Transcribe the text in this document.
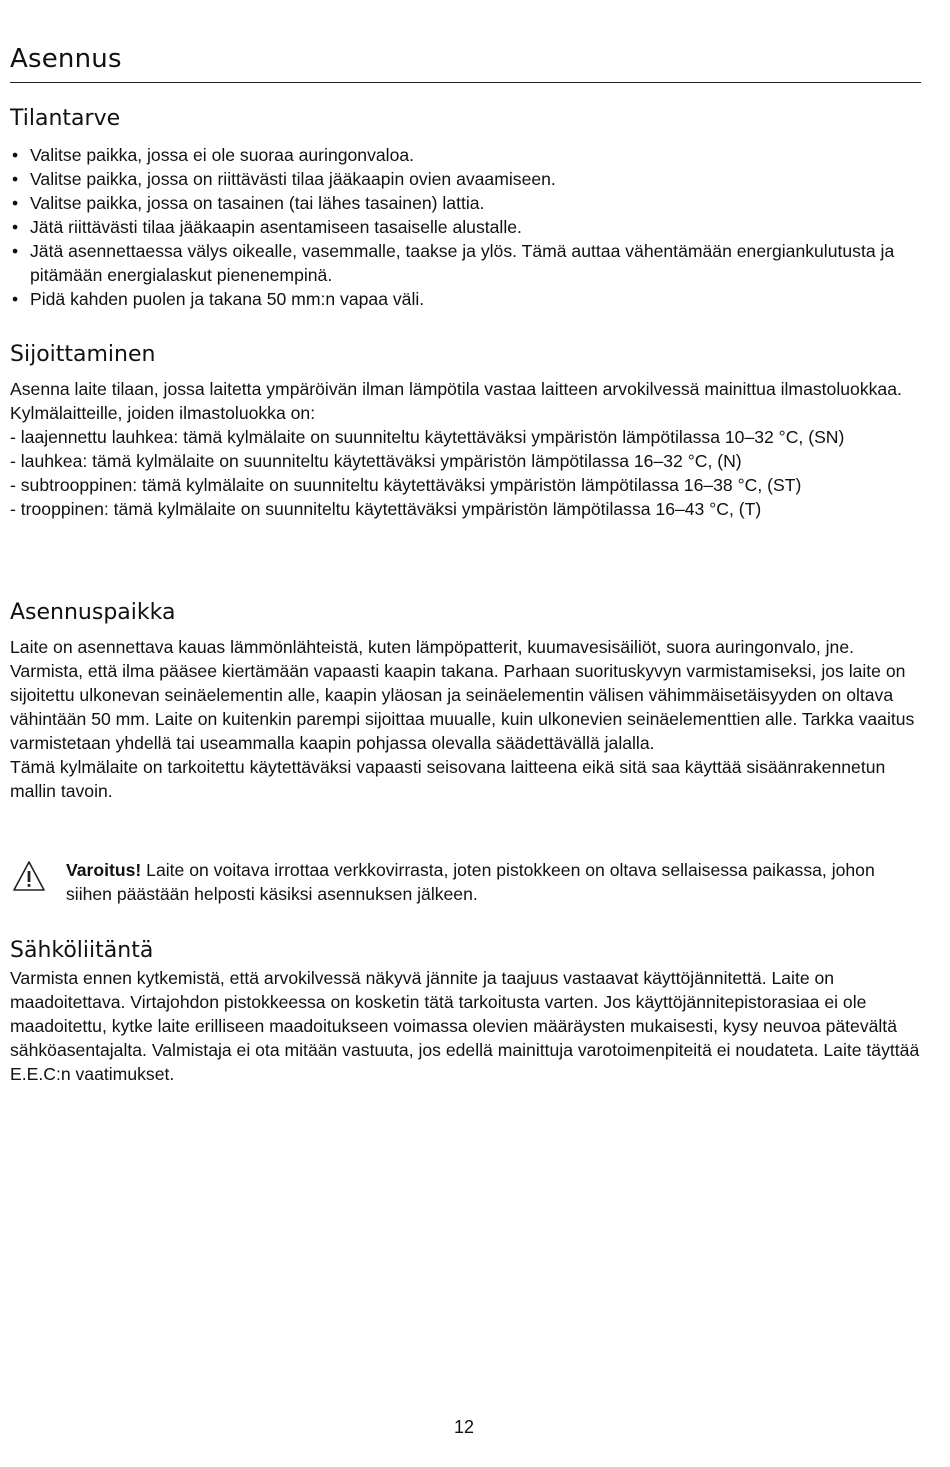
Asennus
Tilantarve
• Valitse paikka, jossa ei ole suoraa auringonvaloa.
• Valitse paikka, jossa on riittävästi tilaa jääkaapin ovien avaamiseen.
• Valitse paikka, jossa on tasainen (tai lähes tasainen) lattia.
• Jätä riittävästi tilaa jääkaapin asentamiseen tasaiselle alustalle.
• Jätä asennettaessa välys oikealle, vasemmalle, taakse ja ylös. Tämä auttaa vähentämään energiankulutusta ja pitämään energialaskut pienenempinä.
• Pidä kahden puolen ja takana 50 mm:n vapaa väli.
Sijoittaminen

Asenna laite tilaan, jossa laitetta ympäröivän ilman lämpötila vastaa laitteen arvokilvessä mainittua ilmastoluokkaa. Kylmälaitteille, joiden ilmastoluokka on:

- laajennettu lauhkea: tämä kylmälaite on suunniteltu käytettäväksi ympäristön lämpötilassa 10–32 °C, (SN)

- lauhkea: tämä kylmälaite on suunniteltu käytettäväksi ympäristön lämpötilassa 16–32 °C, (N)

- subtrooppinen: tämä kylmälaite on suunniteltu käytettäväksi ympäristön lämpötilassa 16–38 °C, (ST)

- trooppinen: tämä kylmälaite on suunniteltu käytettäväksi ympäristön lämpötilassa 16–43 °C, (T)

Asennuspaikka

Laite on asennettava kauas lämmönlähteistä, kuten lämpöpatterit, kuumavesisäiliöt, suora auringonvalo, jne. Varmista, että ilma pääsee kiertämään vapaasti kaapin takana. Parhaan suorituskyvyn varmistamiseksi, jos laite on sijoitettu ulkonevan seinäelementin alle, kaapin yläosan ja seinäelementin välisen vähimmäisetäisyyden on oltava vähintään 50 mm. Laite on kuitenkin parempi sijoittaa muualle, kuin ulkonevien seinäelementtien alle. Tarkka vaaitus varmistetaan yhdellä tai useammalla kaapin pohjassa olevalla säädettävällä jalalla.

Tämä kylmälaite on tarkoitettu käytettäväksi vapaasti seisovana laitteena eikä sitä saa käyttää sisäänrakennetun mallin tavoin.

Varoitus! Laite on voitava irrottaa verkkovirrasta, joten pistokkeen on oltava sellaisessa paikassa, johon siihen päästään helposti käsiksi asennuksen jälkeen.

Sähköliitäntä

Varmista ennen kytkemistä, että arvokilvessä näkyvä jännite ja taajuus vastaavat käyttöjännitettä. Laite on maadoitettava. Virtajohdon pistokkeessa on kosketin tätä tarkoitusta varten. Jos käyttöjännitepistorasiaa ei ole maadoitettu, kytke laite erilliseen maadoitukseen voimassa olevien määräysten mukaisesti, kysy neuvoa pätevältä sähköasentajalta. Valmistaja ei ota mitään vastuuta, jos edellä mainittuja varotoimenpiteitä ei noudateta. Laite täyttää E.E.C:n vaatimukset.

12
